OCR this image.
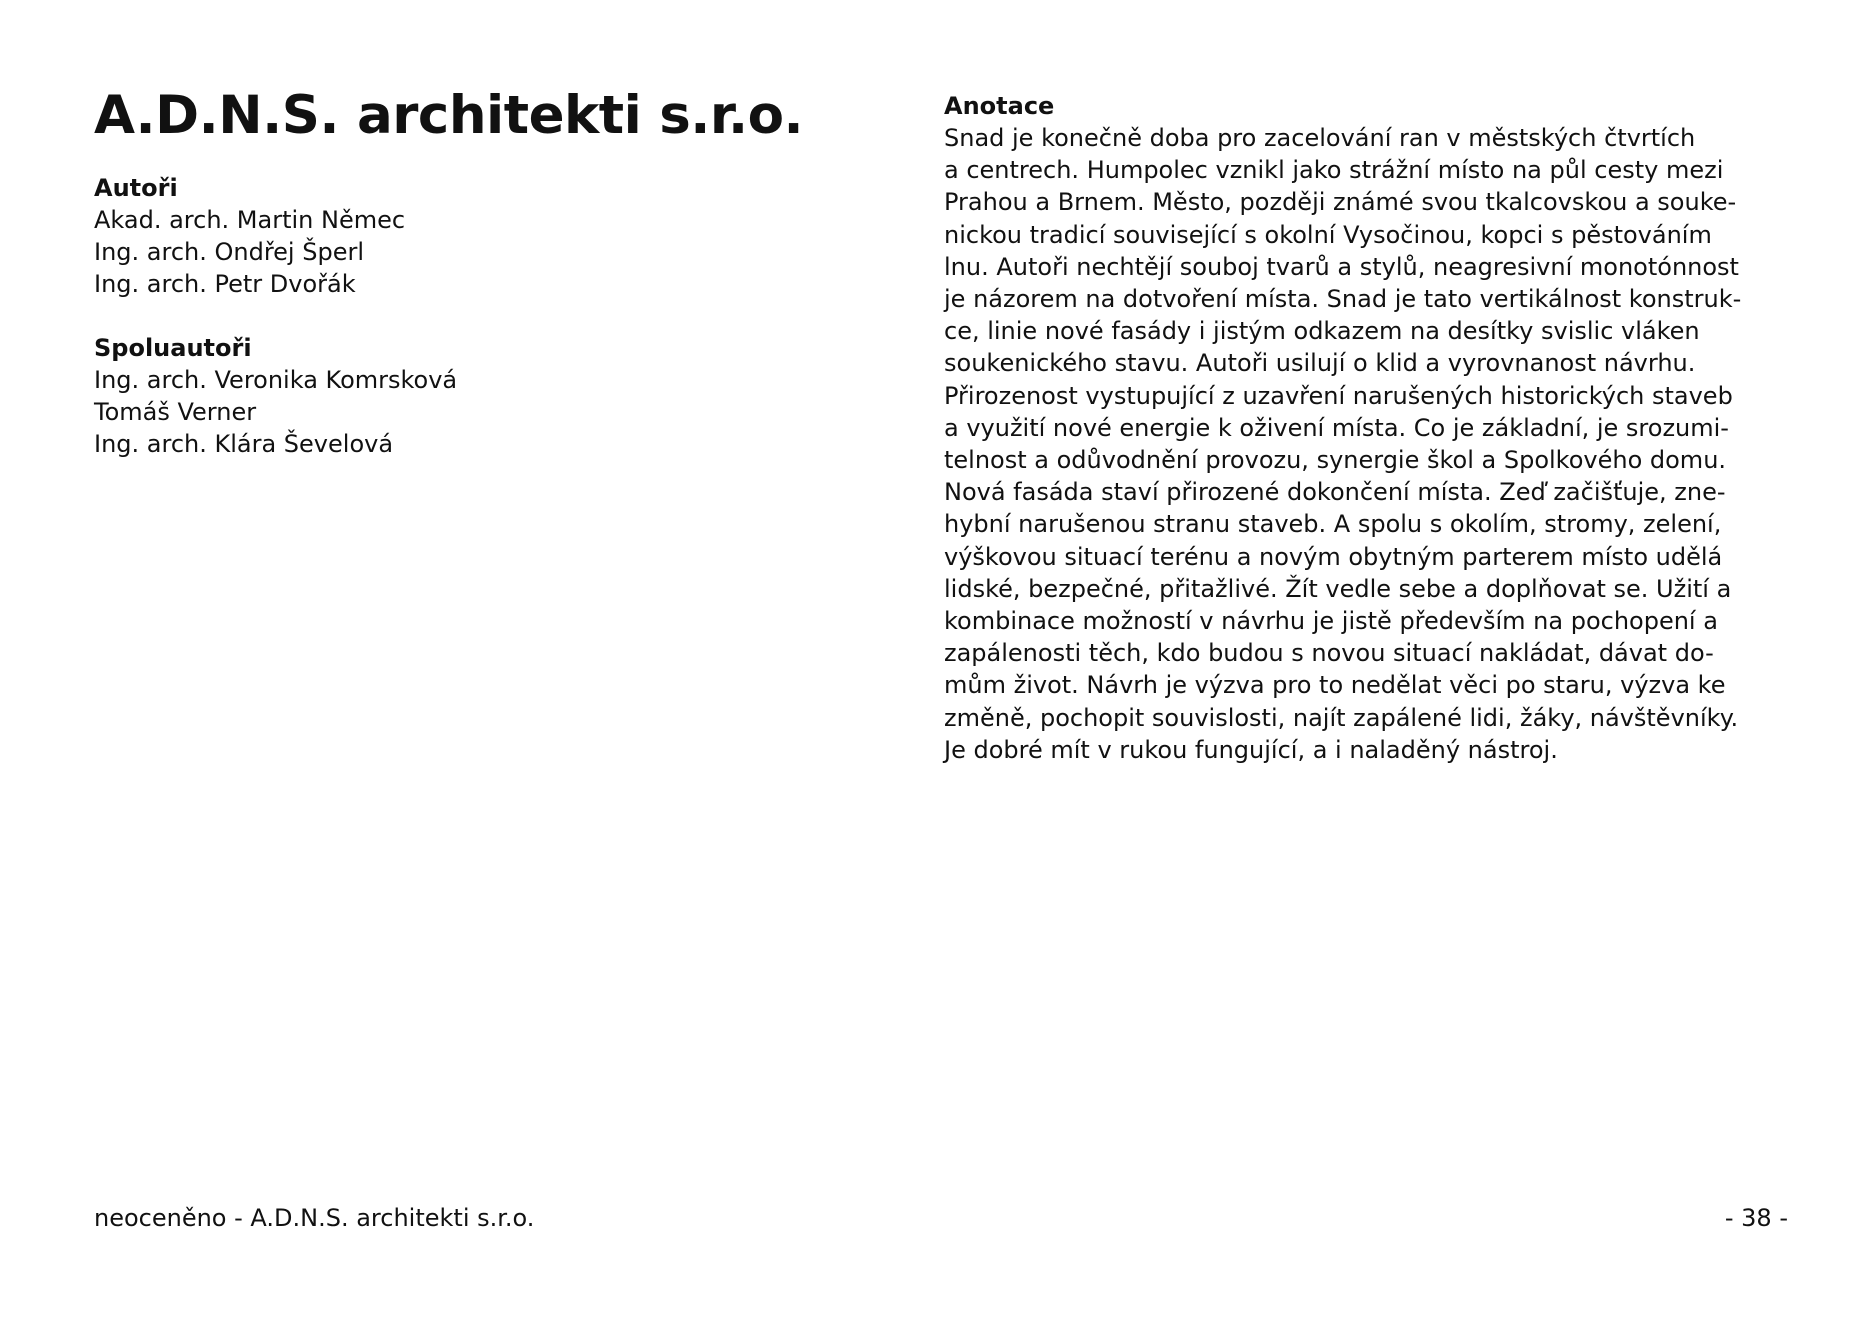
A.D.N.S. architekti s.r.o.
Autoři
Akad. arch. Martin Němec
Ing. arch. Ondřej Šperl
Ing. arch. Petr Dvořák
Spoluautoři
Ing. arch. Veronika Komrsková
Tomáš Verner
Ing. arch. Klára Ševelová
Anotace
Snad je konečně doba pro zacelování ran v městských čtvrtích
a centrech. Humpolec vznikl jako strážní místo na půl cesty mezi
Prahou a Brnem. Město, později známé svou tkalcovskou a souke-
nickou tradicí související s okolní Vysočinou, kopci s pěstováním
lnu. Autoři nechtějí souboj tvarů a stylů, neagresivní monotónnost
je názorem na dotvoření místa. Snad je tato vertikálnost konstruk-
ce, linie nové fasády i jistým odkazem na desítky svislic vláken
soukenického stavu. Autoři usilují o klid a vyrovnanost návrhu.
Přirozenost vystupující z uzavření narušených historických staveb
a využití nové energie k oživení místa. Co je základní, je srozumi-
telnost a odůvodnění provozu, synergie škol a Spolkového domu.
Nová fasáda staví přirozené dokončení místa. Zeď začišťuje, zne-
hybní narušenou stranu staveb. A spolu s okolím, stromy, zelení,
výškovou situací terénu a novým obytným parterem místo udělá
lidské, bezpečné, přitažlivé. Žít vedle sebe a doplňovat se. Užití a
kombinace možností v návrhu je jistě především na pochopení a
zapálenosti těch, kdo budou s novou situací nakládat, dávat do-
mům život. Návrh je výzva pro to nedělat věci po staru, výzva ke
změně, pochopit souvislosti, najít zapálené lidi, žáky, návštěvníky.
Je dobré mít v rukou fungující, a i naladěný nástroj.
neoceněno - A.D.N.S. architekti s.r.o.	- 38 -
